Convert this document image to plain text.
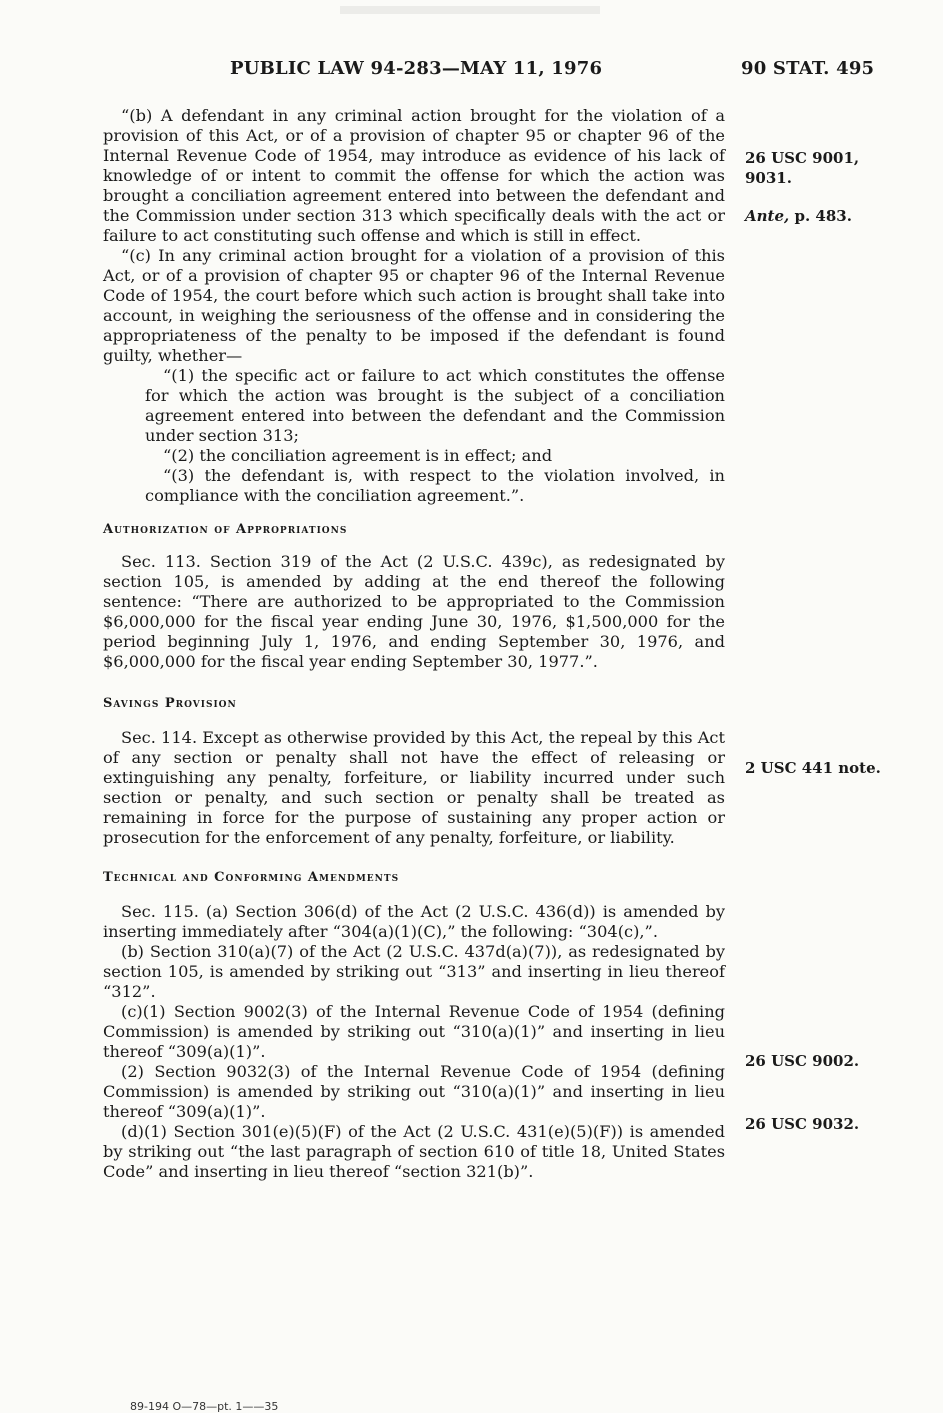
PUBLIC LAW 94-283—MAY 11, 1976	90 STAT. 495

“(b) A defendant in any criminal action brought for the violation of a provision of this Act, or of a provision of chapter 95 or chapter 96 of the Internal Revenue Code of 1954, may introduce as evidence of his lack of knowledge of or intent to commit the offense for which the action was brought a conciliation agreement entered into between the defendant and the Commission under section 313 which specifically deals with the act or failure to act constituting such offense and which is still in effect.

“(c) In any criminal action brought for a violation of a provision of this Act, or of a provision of chapter 95 or chapter 96 of the Internal Revenue Code of 1954, the court before which such action is brought shall take into account, in weighing the seriousness of the offense and in considering the appropriateness of the penalty to be imposed if the defendant is found guilty, whether—

“(1) the specific act or failure to act which constitutes the offense for which the action was brought is the subject of a conciliation agreement entered into between the defendant and the Commission under section 313;

“(2) the conciliation agreement is in effect; and

“(3) the defendant is, with respect to the violation involved, in compliance with the conciliation agreement.”.

Authorization of Appropriations

Sec. 113. Section 319 of the Act (2 U.S.C. 439c), as redesignated by section 105, is amended by adding at the end thereof the following sentence: “There are authorized to be appropriated to the Commission $6,000,000 for the fiscal year ending June 30, 1976, $1,500,000 for the period beginning July 1, 1976, and ending September 30, 1976, and $6,000,000 for the fiscal year ending September 30, 1977.”.

Savings Provision

Sec. 114. Except as otherwise provided by this Act, the repeal by this Act of any section or penalty shall not have the effect of releasing or extinguishing any penalty, forfeiture, or liability incurred under such section or penalty, and such section or penalty shall be treated as remaining in force for the purpose of sustaining any proper action or prosecution for the enforcement of any penalty, forfeiture, or liability.

Technical and Conforming Amendments

Sec. 115. (a) Section 306(d) of the Act (2 U.S.C. 436(d)) is amended by inserting immediately after “304(a)(1)(C),” the following: “304(c),”.

(b) Section 310(a)(7) of the Act (2 U.S.C. 437d(a)(7)), as redesignated by section 105, is amended by striking out “313” and inserting in lieu thereof “312”.

(c)(1) Section 9002(3) of the Internal Revenue Code of 1954 (defining Commission) is amended by striking out “310(a)(1)” and inserting in lieu thereof “309(a)(1)”.

(2) Section 9032(3) of the Internal Revenue Code of 1954 (defining Commission) is amended by striking out “310(a)(1)” and inserting in lieu thereof “309(a)(1)”.

(d)(1) Section 301(e)(5)(F) of the Act (2 U.S.C. 431(e)(5)(F)) is amended by striking out “the last paragraph of section 610 of title 18, United States Code” and inserting in lieu thereof “section 321(b)”.

26 USC 9001,
9031.
Ante, p. 483.
2 USC 441 note.
26 USC 9002.
26 USC 9032.
89-194 O—78—pt. 1——35
